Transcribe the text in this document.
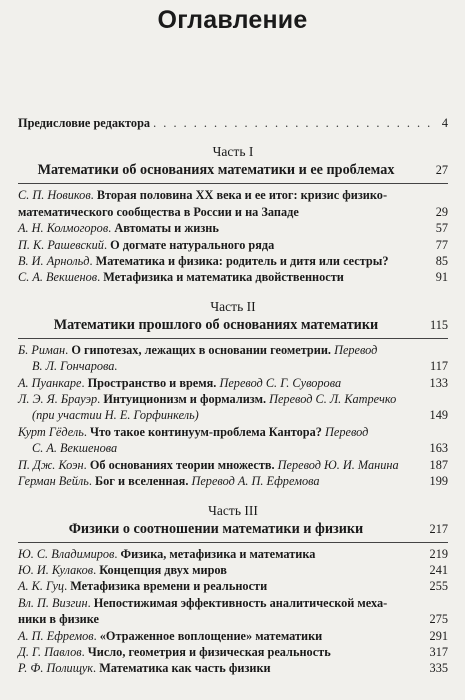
Оглавление
Предисловие редактора . . . . . . . . . . . . . . . . . . . . . . . . . . . . 4
Часть I
Математики об основаниях математики и ее проблемах	27
С. П. Новиков. Вторая половина XX века и ее итог: кризис физико-
математического сообщества в России и на Западе	29
А. Н. Колмогоров. Автоматы и жизнь	57
П. К. Рашевский. О догмате натурального ряда	77
В. И. Арнольд. Математика и физика: родитель и дитя или сестры?	85
С. А. Векшенов. Метафизика и математика двойственности	91
Часть II
Математики прошлого об основаниях математики	115
Б. Риман. О гипотезах, лежащих в основании геометрии. Перевод
В. Л. Гончарова.	117
А. Пуанкаре. Пространство и время. Перевод С. Г. Суворова	133
Л. Э. Я. Брауэр. Интуиционизм и формализм. Перевод С. Л. Катречко
(при участии Н. Е. Горфинкель)	149
Курт Гёдель. Что такое континуум-проблема Кантора? Перевод
С. А. Векшенова	163
П. Дж. Коэн. Об основаниях теории множеств. Перевод Ю. И. Манина	187
Герман Вейль. Бог и вселенная. Перевод А. П. Ефремова	199
Часть III
Физики о соотношении математики и физики	217
Ю. С. Владимиров. Физика, метафизика и математика	219
Ю. И. Кулаков. Концепция двух миров	241
А. К. Гуц. Метафизика времени и реальности	255
Вл. П. Визгин. Непостижимая эффективность аналитической меха-
ники в физике	275
А. П. Ефремов. «Отраженное воплощение» математики	291
Д. Г. Павлов. Число, геометрия и физическая реальность	317
Р. Ф. Полищук. Математика как часть физики	335
